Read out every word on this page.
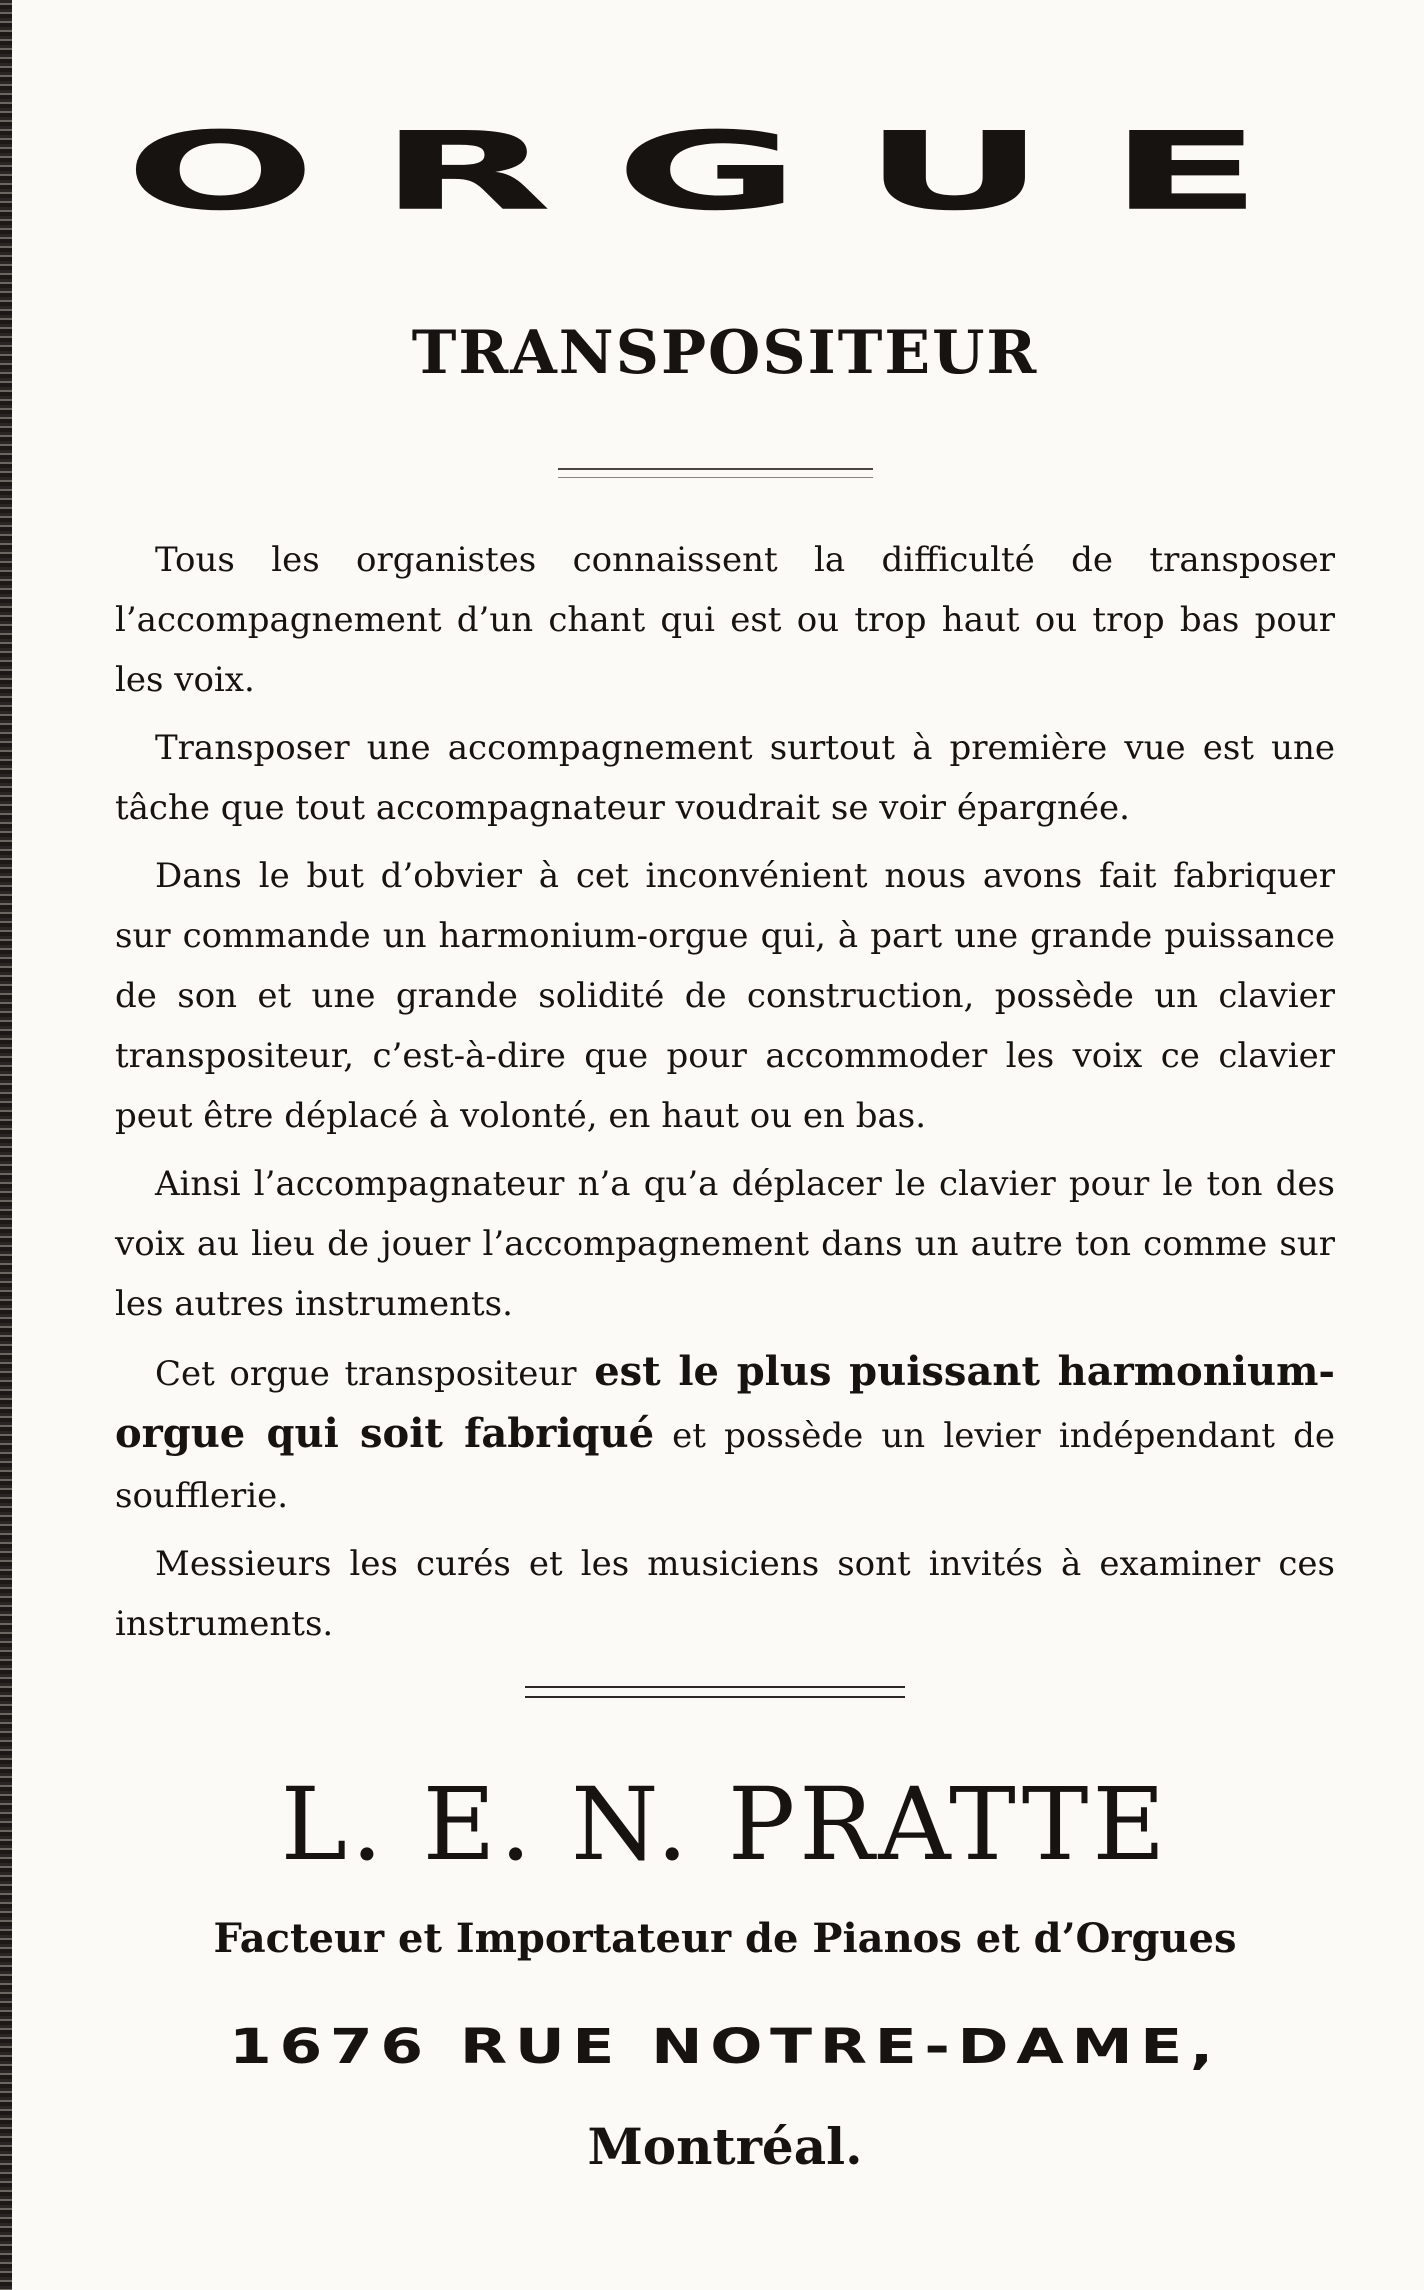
ORGUE
TRANSPOSITEUR

Tous les organistes connaissent la difficulté de transposer l’accompagnement d’un chant qui est ou trop haut ou trop bas pour les voix.

Transposer une accompagnement surtout à première vue est une tâche que tout accompagnateur voudrait se voir épargnée.

Dans le but d’obvier à cet inconvénient nous avons fait fabriquer sur commande un harmonium-orgue qui, à part une grande puissance de son et une grande solidité de construction, possède un clavier transpositeur, c’est-à-dire que pour accommoder les voix ce clavier peut être déplacé à volonté, en haut ou en bas.

Ainsi l’accompagnateur n’a qu’a déplacer le clavier pour le ton des voix au lieu de jouer l’accompagnement dans un autre ton comme sur les autres instruments.

Cet orgue transpositeur est le plus puissant harmonium-orgue qui soit fabriqué et possède un levier indépendant de soufflerie.

Messieurs les curés et les musiciens sont invités à examiner ces instruments.

L. E. N. PRATTE
Facteur et Importateur de Pianos et d’Orgues
1676 RUE NOTRE-DAME,
Montréal.
